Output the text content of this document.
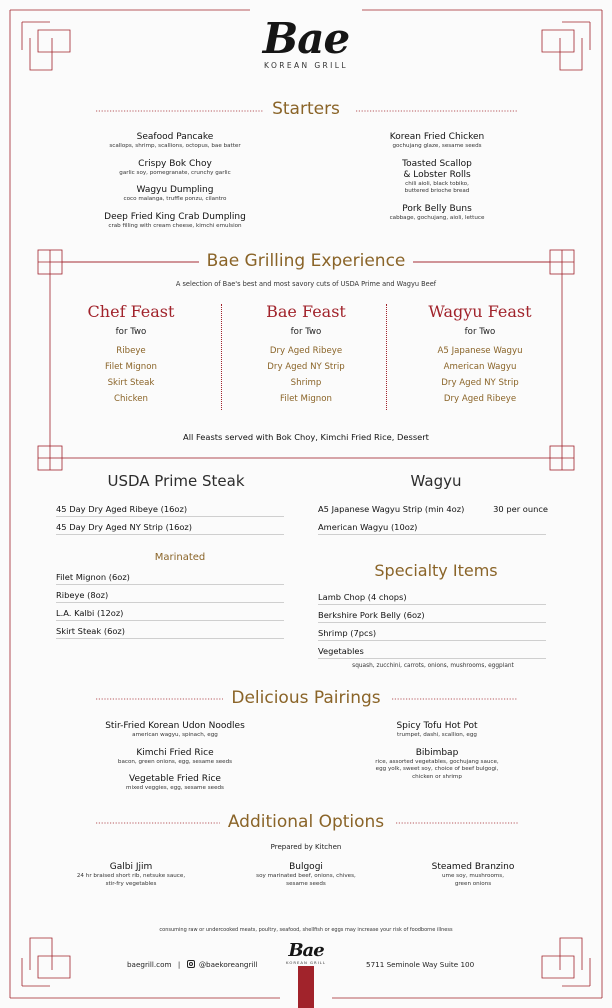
Bae
KOREAN GRILL
Starters
Seafood Pancake
scallops, shrimp, scallions, octopus, bae batter
Crispy Bok Choy
garlic soy, pomegranate, crunchy garlic
Wagyu Dumpling
coco malanga, truffle ponzu, cilantro
Deep Fried King Crab Dumpling
crab filling with cream cheese, kimchi emulsion
Korean Fried Chicken
gochujang glaze, sesame seeds
Toasted Scallop
& Lobster Rolls
chili aioli, black tobiko,
buttered brioche bread
Pork Belly Buns
cabbage, gochujang, aioli, lettuce
Bae Grilling Experience
A selection of Bae's best and most savory cuts of USDA Prime and Wagyu Beef
Chef Feast
for Two
Ribeye
Filet Mignon
Skirt Steak
Chicken
Bae Feast
for Two
Dry Aged Ribeye
Dry Aged NY Strip
Shrimp
Filet Mignon
Wagyu Feast
for Two
A5 Japanese Wagyu
American Wagyu
Dry Aged NY Strip
Dry Aged Ribeye
All Feasts served with Bok Choy, Kimchi Fried Rice, Dessert
USDA Prime Steak
45 Day Dry Aged Ribeye (16oz)
45 Day Dry Aged NY Strip (16oz)
Marinated
Filet Mignon (6oz)
Ribeye (8oz)
L.A. Kalbi (12oz)
Skirt Steak (6oz)
Wagyu
A5 Japanese Wagyu Strip (min 4oz)	30 per ounce
American Wagyu (10oz)
Specialty Items
Lamb Chop (4 chops)
Berkshire Pork Belly (6oz)
Shrimp (7pcs)
Vegetables
squash, zucchini, carrots, onions, mushrooms, eggplant
Delicious Pairings
Stir-Fried Korean Udon Noodles
american wagyu, spinach, egg
Kimchi Fried Rice
bacon, green onions, egg, sesame seeds
Vegetable Fried Rice
mixed veggies, egg, sesame seeds
Spicy Tofu Hot Pot
trumpet, dashi, scallion, egg
Bibimbap
rice, assorted vegetables, gochujang sauce,
egg yolk, sweet soy, choice of beef bulgogi,
chicken or shrimp
Additional Options
Prepared by Kitchen
Galbi Jjim
24 hr braised short rib, netsuke sauce,
stir-fry vegetables
Bulgogi
soy marinated beef, onions, chives,
sesame seeds
Steamed Branzino
ume soy, mushrooms,
green onions
consuming raw or undercooked meats, poultry, seafood, shellfish or eggs may increase your risk of foodborne illness
baegrill.com |	@baekoreangrill
Bae
KOREAN GRILL	5711 Seminole Way Suite 100
